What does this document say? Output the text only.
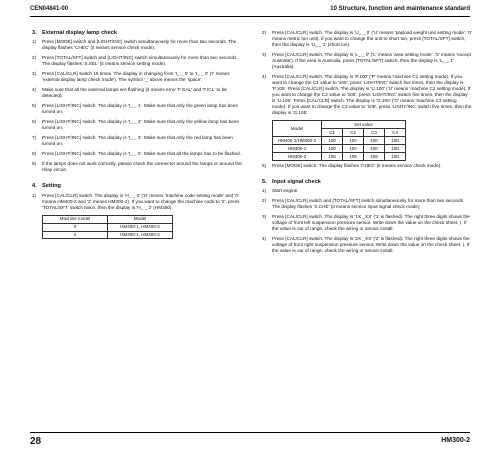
CEN04841-00	10 Structure, function and maintenance standard
3. External display lamp check
1) Press [MODE] switch and [LIGHT/INC] switch simultaneously for more than two seconds. The display flashes 'CHEC' (it means service check mode).
2) Press [TOTAL/SFT] switch and [LIGHT/INC] switch simultaneously for more than two seconds. The display flashes 'S.SEL' (it means service setting mode).
3) Press [CAL/CLR] switch 15 times. The display in changing from 'I_ _ 0' to 'I_ _ 0' ('I' means 'external display lamp check mode'). The symbol '_' above means the 'space'.
4) Make sure that all the external lamps are flashing (it means error 'F.GAL' and 'F.ICL' to be detected).
5) Press [LIGHT/INC] switch. The display is 'I_ _ 1'. Make sure that only the green lamp has been turned on.
6) Press [LIGHT/INC] switch. The display is 'I_ _ 2'. Make sure that only the yellow lamp has been turned on.
7) Press [LIGHT/INC] switch. The display is 'I_ _ 3'. Make sure that only the red lamp has been turned on.
8) Press [LIGHT/INC] switch. The display is 'I_ _ 0'. Make sure that all the lamps has to be flashed.
9) If the lamps does not work correctly, please check the connector around the lamps or around the relay circuit.
4. Setting
1) Press [CAL/CLR] switch. The display is 'H_ _ 0' ('H' means 'machine code setting mode' and '0' means HM400-2 and '2' means HM300-2). If you want to change the machine code to '2', press 'TOTAL/SFT' switch twice, then the display is 'H_ _ 2' (HM300).
Machine model	Model
0	HM400-1, HM400-2
2	HM300-1, HM300-2
2) Press [CAL/CLR] switch. The display is 'U_ _ 0' ('U' means 'payload weight unit setting mode'. '0' means metric ton unit). If you want to change the unit to short ton, press [TOTAL/SFT] switch, then the display is 'U_ _ 1' (short ton).
3) Press [CAL/CLR] switch. The display is 'L_ _ 0' ('L' means 'area setting mode'. '0' means 'except Australia'). If the area is Australia, press [TOTAL/SFT] switch, then the display is 'L_ _ 1' (Australia).
4) Press [CAL/CLR] switch. The display is 'P.100' ('P' means 'machine C1 setting mode). If you want to change the C1 value to '105', press 'LIGHT/INC' switch five times, then the display is 'P.105'. Press [CAL/CLR] switch. The display is 'U.100' ('U' means 'machine C2 setting mode). If you want to change the C2 value to '105', press 'LIGHT/INC' switch five times, then the display is 'U.105'. Press [CAL/CLR] switch. The display is 'G.100' ('G' means 'machine C3 setting mode). If you want to change the C3 value to '105', press 'LIGHT/INC' switch five times, then the display is 'G.105'.
Model	Set value			
	C1	C2	C3	C4
HM400-1/HM400-2	100	100	100	100
HM300-1	100	100	100	100
HM300-2	105	105	105	100
5) Press [MODE] switch. The display flashes 'CHEC' (it means service check mode).
5. Input signal check
1) Start engine.
2) Press [CAL/CLR] switch and [TOTAL/SFT] switch simultaneously for more than two seconds. The display flashes 'S.CHE' (it means service input signal check mode).
3) Press [CAL/CLR] switch. The display is '1X _XX' ('1' is flashed). The right three digits shows the voltage of front left suspension pressure sensor. Write down the value on the check sheet. ). If the value is out of range, check the wiring or sensor install.
4) Press [CAL/CLR] switch. The display is '2X _XX' ('2' is flashed). The right three digits shows the voltage of front right suspension pressure sensor. Write down the value on the check sheet. ). If the value is out of range, check the wiring or sensor install.
28	HM300-2
